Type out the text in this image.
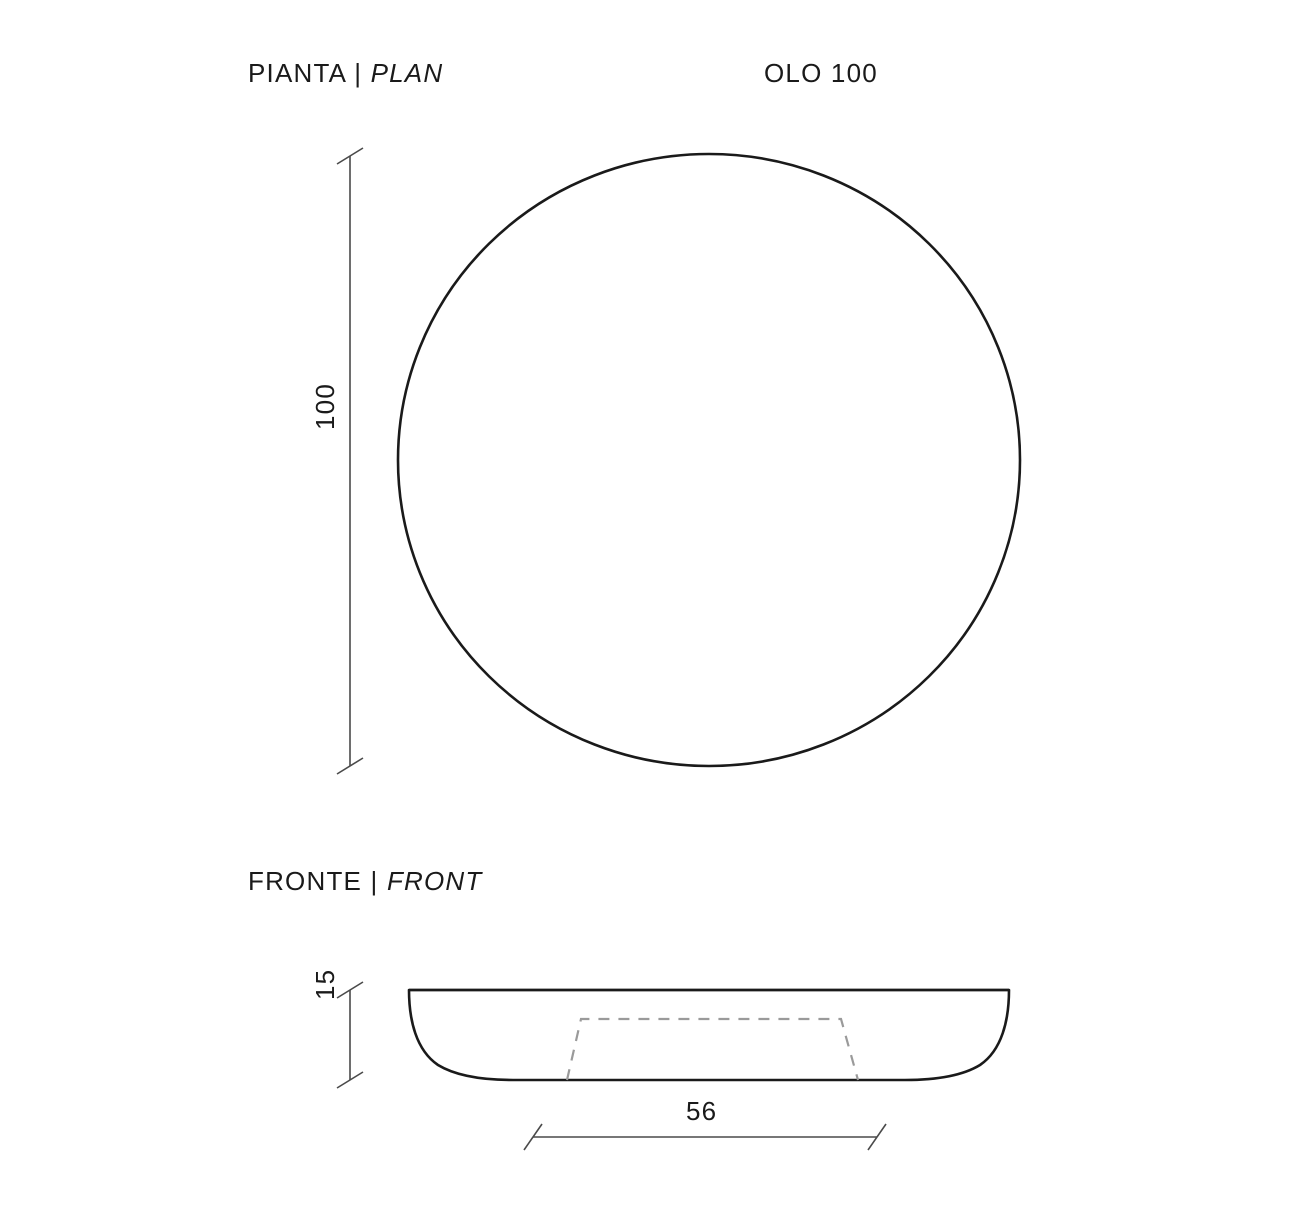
PIANTA | PLAN	OLO 100
FRONTE | FRONT
100
15
56
